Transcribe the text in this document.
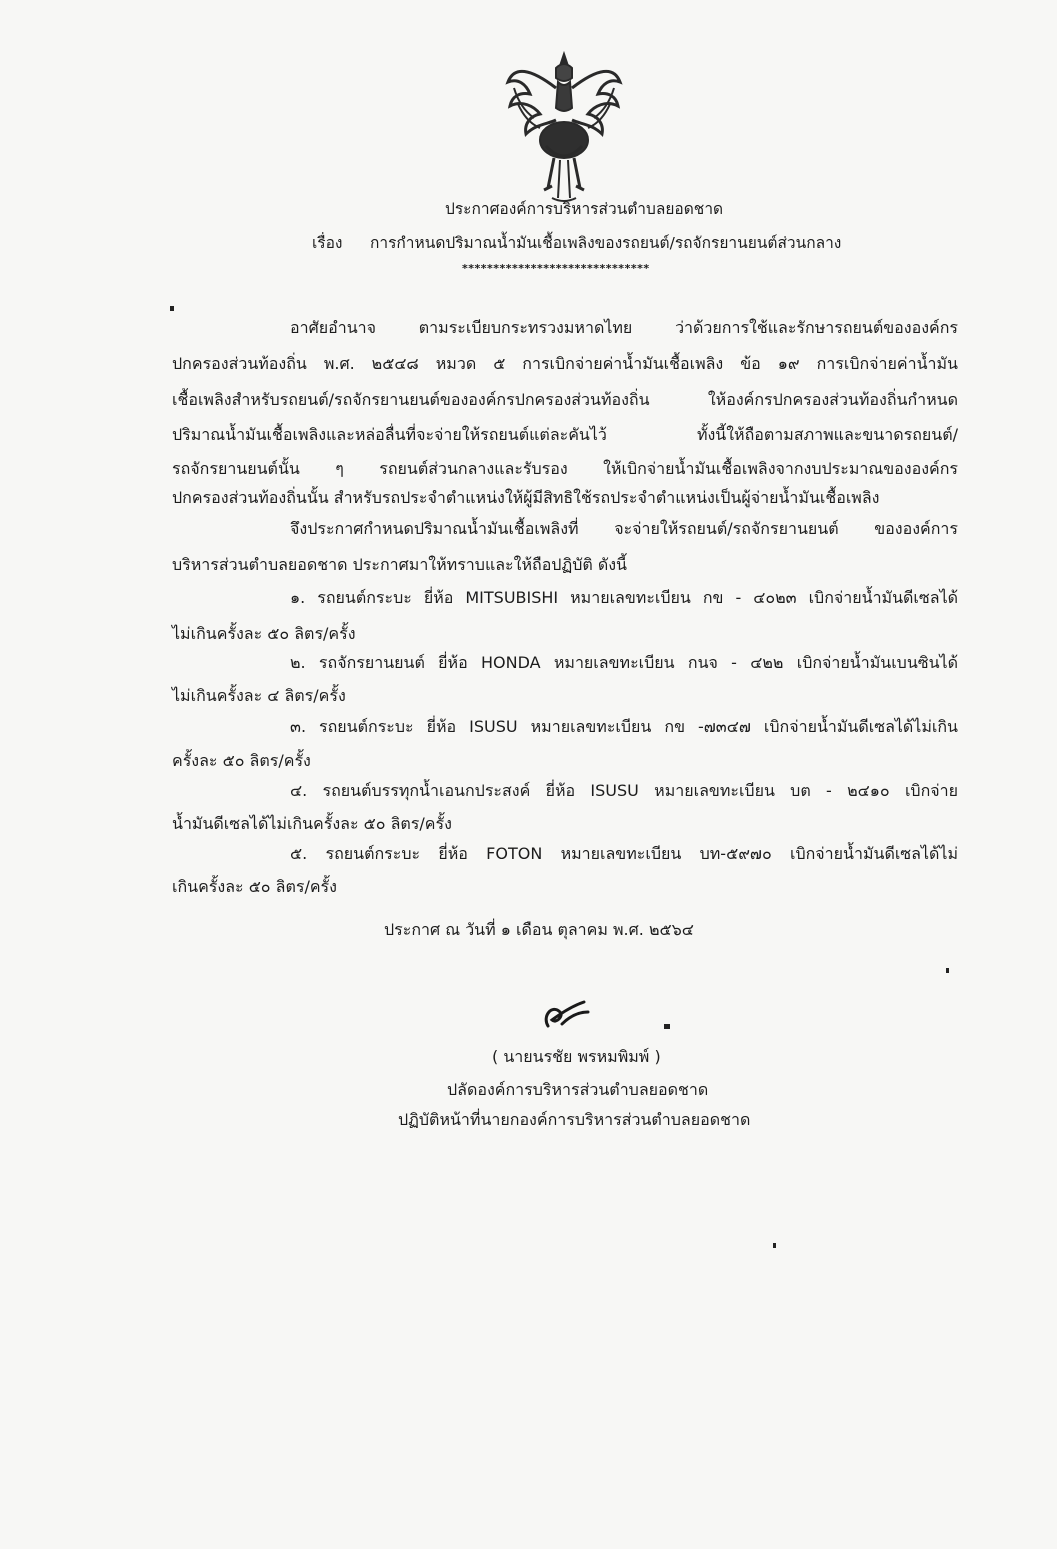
ประกาศองค์การบริหารส่วนตำบลยอดชาด
เรื่อง การกำหนดปริมาณน้ำมันเชื้อเพลิงของรถยนต์/รถจักรยานยนต์ส่วนกลาง
******************************
อาศัยอำนาจ ตามระเบียบกระทรวงมหาดไทย ว่าด้วยการใช้และรักษารถยนต์ขององค์กร
ปกครองส่วนท้องถิ่น พ.ศ. ๒๕๔๘ หมวด ๕ การเบิกจ่ายค่าน้ำมันเชื้อเพลิง ข้อ ๑๙ การเบิกจ่ายค่าน้ำมัน
เชื้อเพลิงสำหรับรถยนต์/รถจักรยานยนต์ขององค์กรปกครองส่วนท้องถิ่น ให้องค์กรปกครองส่วนท้องถิ่นกำหนด
ปริมาณน้ำมันเชื้อเพลิงและหล่อลื่นที่จะจ่ายให้รถยนต์แต่ละคันไว้ ทั้งนี้ให้ถือตามสภาพและขนาดรถยนต์/
รถจักรยานยนต์นั้น ๆ รถยนต์ส่วนกลางและรับรอง ให้เบิกจ่ายน้ำมันเชื้อเพลิงจากงบประมาณขององค์กร
ปกครองส่วนท้องถิ่นนั้น สำหรับรถประจำตำแหน่งให้ผู้มีสิทธิใช้รถประจำตำแหน่งเป็นผู้จ่ายน้ำมันเชื้อเพลิง
จึงประกาศกำหนดปริมาณน้ำมันเชื้อเพลิงที่ จะจ่ายให้รถยนต์/รถจักรยานยนต์ ขององค์การ
บริหารส่วนตำบลยอดชาด ประกาศมาให้ทราบและให้ถือปฏิบัติ ดังนี้
๑. รถยนต์กระบะ ยี่ห้อ MITSUBISHI หมายเลขทะเบียน กข - ๔๐๒๓ เบิกจ่ายน้ำมันดีเซลได้
ไม่เกินครั้งละ ๕๐ ลิตร/ครั้ง
๒. รถจักรยานยนต์ ยี่ห้อ HONDA หมายเลขทะเบียน กนจ - ๔๒๒ เบิกจ่ายน้ำมันเบนซินได้
ไม่เกินครั้งละ ๔ ลิตร/ครั้ง
๓. รถยนต์กระบะ ยี่ห้อ ISUSU หมายเลขทะเบียน กข -๗๓๔๗ เบิกจ่ายน้ำมันดีเซลได้ไม่เกิน
ครั้งละ ๕๐ ลิตร/ครั้ง
๔. รถยนต์บรรทุกน้ำเอนกประสงค์ ยี่ห้อ ISUSU หมายเลขทะเบียน บต - ๒๔๑๐ เบิกจ่าย
น้ำมันดีเซลได้ไม่เกินครั้งละ ๕๐ ลิตร/ครั้ง
๕. รถยนต์กระบะ ยี่ห้อ FOTON หมายเลขทะเบียน บท-๕๙๗๐ เบิกจ่ายน้ำมันดีเซลได้ไม่
เกินครั้งละ ๕๐ ลิตร/ครั้ง
ประกาศ ณ วันที่ ๑ เดือน ตุลาคม พ.ศ. ๒๕๖๔
( นายนรชัย พรหมพิมพ์ )
ปลัดองค์การบริหารส่วนตำบลยอดชาด
ปฏิบัติหน้าที่นายกองค์การบริหารส่วนตำบลยอดชาด
